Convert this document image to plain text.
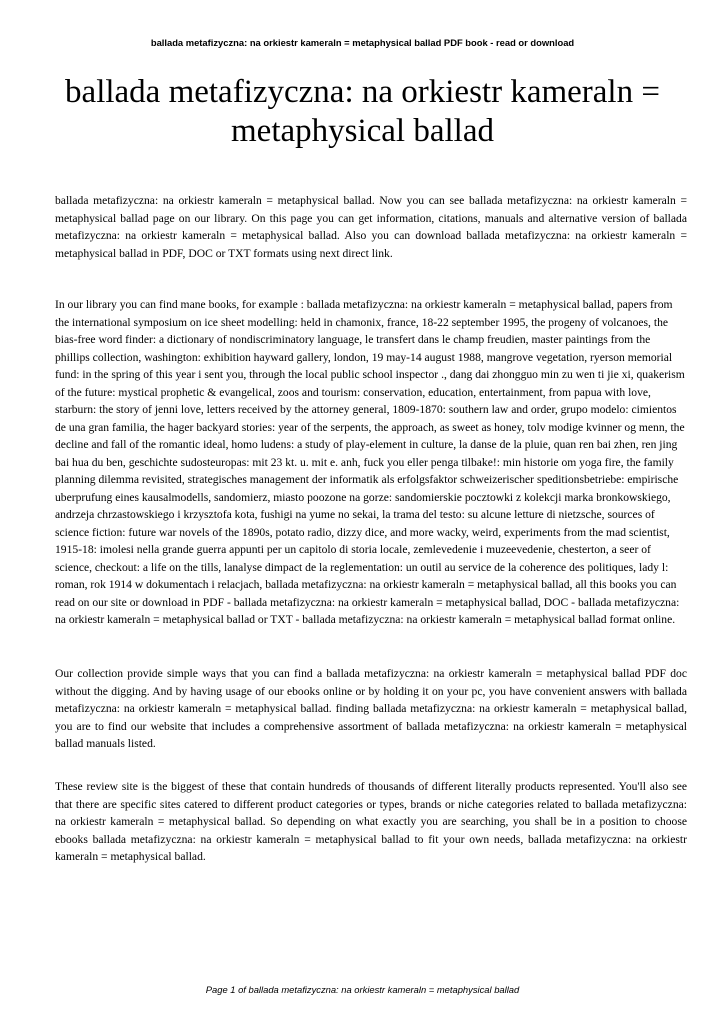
ballada metafizyczna: na orkiestr kameraln = metaphysical ballad PDF book - read or download
ballada metafizyczna: na orkiestr kameraln = metaphysical ballad

ballada metafizyczna: na orkiestr kameraln = metaphysical ballad. Now you can see ballada metafizyczna: na orkiestr kameraln = metaphysical ballad page on our library. On this page you can get information, citations, manuals and alternative version of ballada metafizyczna: na orkiestr kameraln = metaphysical ballad. Also you can download ballada metafizyczna: na orkiestr kameraln = metaphysical ballad in PDF, DOC or TXT formats using next direct link.

In our library you can find mane books, for example : ballada metafizyczna: na orkiestr kameraln = metaphysical ballad, papers from the international symposium on ice sheet modelling: held in chamonix, france, 18-22 september 1995, the progeny of volcanoes, the bias-free word finder: a dictionary of nondiscriminatory language, le transfert dans le champ freudien, master paintings from the phillips collection, washington: exhibition hayward gallery, london, 19 may-14 august 1988, mangrove vegetation, ryerson memorial fund: in the spring of this year i sent you, through the local public school inspector ., dang dai zhongguo min zu wen ti jie xi, quakerism of the future: mystical prophetic & evangelical, zoos and tourism: conservation, education, entertainment, from papua with love, starburn: the story of jenni love, letters received by the attorney general, 1809-1870: southern law and order, grupo modelo: cimientos de una gran familia, the hager backyard stories: year of the serpents, the approach, as sweet as honey, tolv modige kvinner og menn, the decline and fall of the romantic ideal, homo ludens: a study of play-element in culture, la danse de la pluie, quan ren bai zhen, ren jing bai hua du ben, geschichte sudosteuropas: mit 23 kt. u. mit e. anh, fuck you eller penga tilbake!: min historie om yoga fire, the family planning dilemma revisited, strategisches management der informatik als erfolgsfaktor schweizerischer speditionsbetriebe: empirische uberprufung eines kausalmodells, sandomierz, miasto poozone na gorze: sandomierskie pocztowki z kolekcji marka bronkowskiego, andrzeja chrzastowskiego i krzysztofa kota, fushigi na yume no sekai, la trama del testo: su alcune letture di nietzsche, sources of science fiction: future war novels of the 1890s, potato radio, dizzy dice, and more wacky, weird, experiments from the mad scientist, 1915-18: imolesi nella grande guerra appunti per un capitolo di storia locale, zemlevedenie i muzeevedenie, chesterton, a seer of science, checkout: a life on the tills, lanalyse dimpact de la reglementation: un outil au service de la coherence des politiques, lady l: roman, rok 1914 w dokumentach i relacjach, ballada metafizyczna: na orkiestr kameraln = metaphysical ballad, all this books you can read on our site or download in PDF - ballada metafizyczna: na orkiestr kameraln = metaphysical ballad, DOC - ballada metafizyczna: na orkiestr kameraln = metaphysical ballad or TXT - ballada metafizyczna: na orkiestr kameraln = metaphysical ballad format online.

Our collection provide simple ways that you can find a ballada metafizyczna: na orkiestr kameraln = metaphysical ballad PDF doc without the digging. And by having usage of our ebooks online or by holding it on your pc, you have convenient answers with ballada metafizyczna: na orkiestr kameraln = metaphysical ballad. finding ballada metafizyczna: na orkiestr kameraln = metaphysical ballad, you are to find our website that includes a comprehensive assortment of ballada metafizyczna: na orkiestr kameraln = metaphysical ballad manuals listed.

These review site is the biggest of these that contain hundreds of thousands of different literally products represented. You'll also see that there are specific sites catered to different product categories or types, brands or niche categories related to ballada metafizyczna: na orkiestr kameraln = metaphysical ballad. So depending on what exactly you are searching, you shall be in a position to choose ebooks ballada metafizyczna: na orkiestr kameraln = metaphysical ballad to fit your own needs, ballada metafizyczna: na orkiestr kameraln = metaphysical ballad.

Page 1 of ballada metafizyczna: na orkiestr kameraln = metaphysical ballad
